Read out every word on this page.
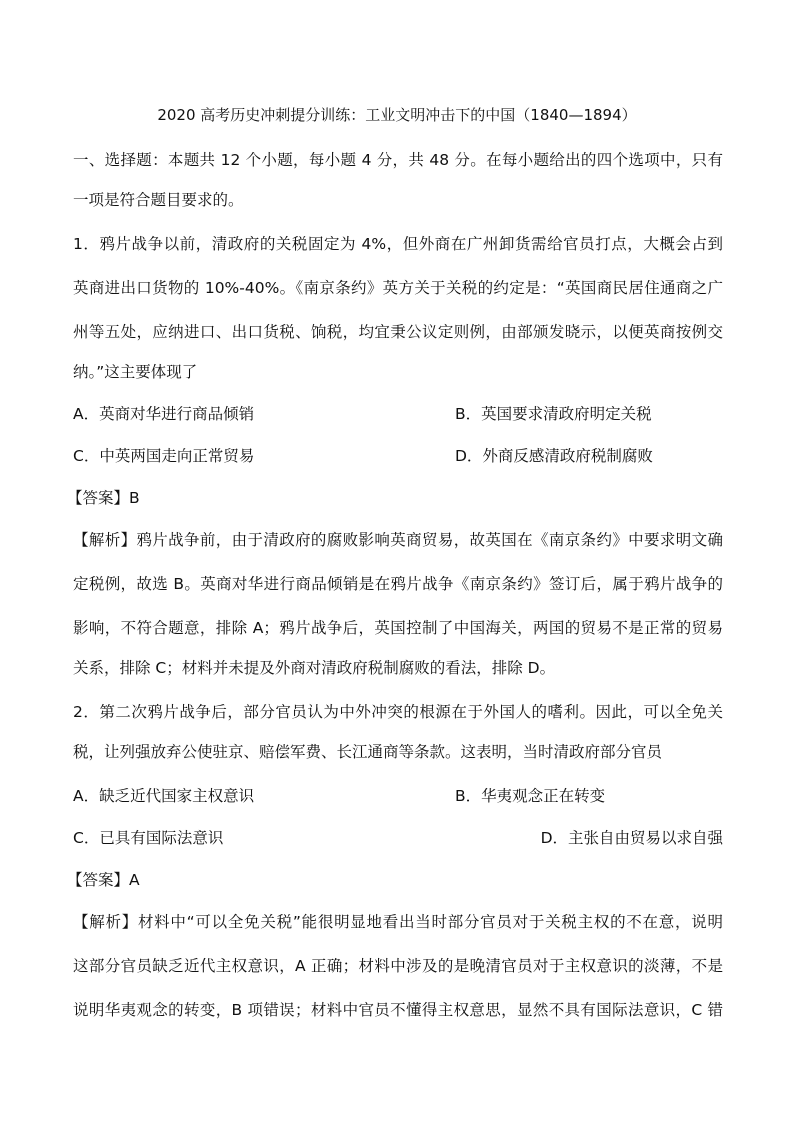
2020 高考历史冲刺提分训练：工业文明冲击下的中国（1840—1894）
一、选择题：本题共 12 个小题，每小题 4 分，共 48 分。在每小题给出的四个选项中，只有
一项是符合题目要求的。
1．鸦片战争以前，清政府的关税固定为 4%，但外商在广州卸货需给官员打点，大概会占到
英商进出口货物的 10%-40%。《南京条约》英方关于关税的约定是：“英国商民居住通商之广
州等五处，应纳进口、出口货税、饷税，均宜秉公议定则例，由部颁发晓示，以便英商按例交
纳。”这主要体现了
A．英商对华进行商品倾销	B．英国要求清政府明定关税
C．中英两国走向正常贸易	D．外商反感清政府税制腐败
【答案】B
【解析】鸦片战争前，由于清政府的腐败影响英商贸易，故英国在《南京条约》中要求明文确
定税例，故选 B。英商对华进行商品倾销是在鸦片战争《南京条约》签订后，属于鸦片战争的
影响，不符合题意，排除 A；鸦片战争后，英国控制了中国海关，两国的贸易不是正常的贸易
关系，排除 C；材料并未提及外商对清政府税制腐败的看法，排除 D。
2．第二次鸦片战争后，部分官员认为中外冲突的根源在于外国人的嗜利。因此，可以全免关
税，让列强放弃公使驻京、赔偿军费、长江通商等条款。这表明，当时清政府部分官员
A．缺乏近代国家主权意识	B．华夷观念正在转变
C．已具有国际法意识	D．主张自由贸易以求自强
【答案】A
【解析】材料中“可以全免关税”能很明显地看出当时部分官员对于关税主权的不在意，说明
这部分官员缺乏近代主权意识，A 正确；材料中涉及的是晚清官员对于主权意识的淡薄，不是
说明华夷观念的转变，B 项错误；材料中官员不懂得主权意思，显然不具有国际法意识，C 错
